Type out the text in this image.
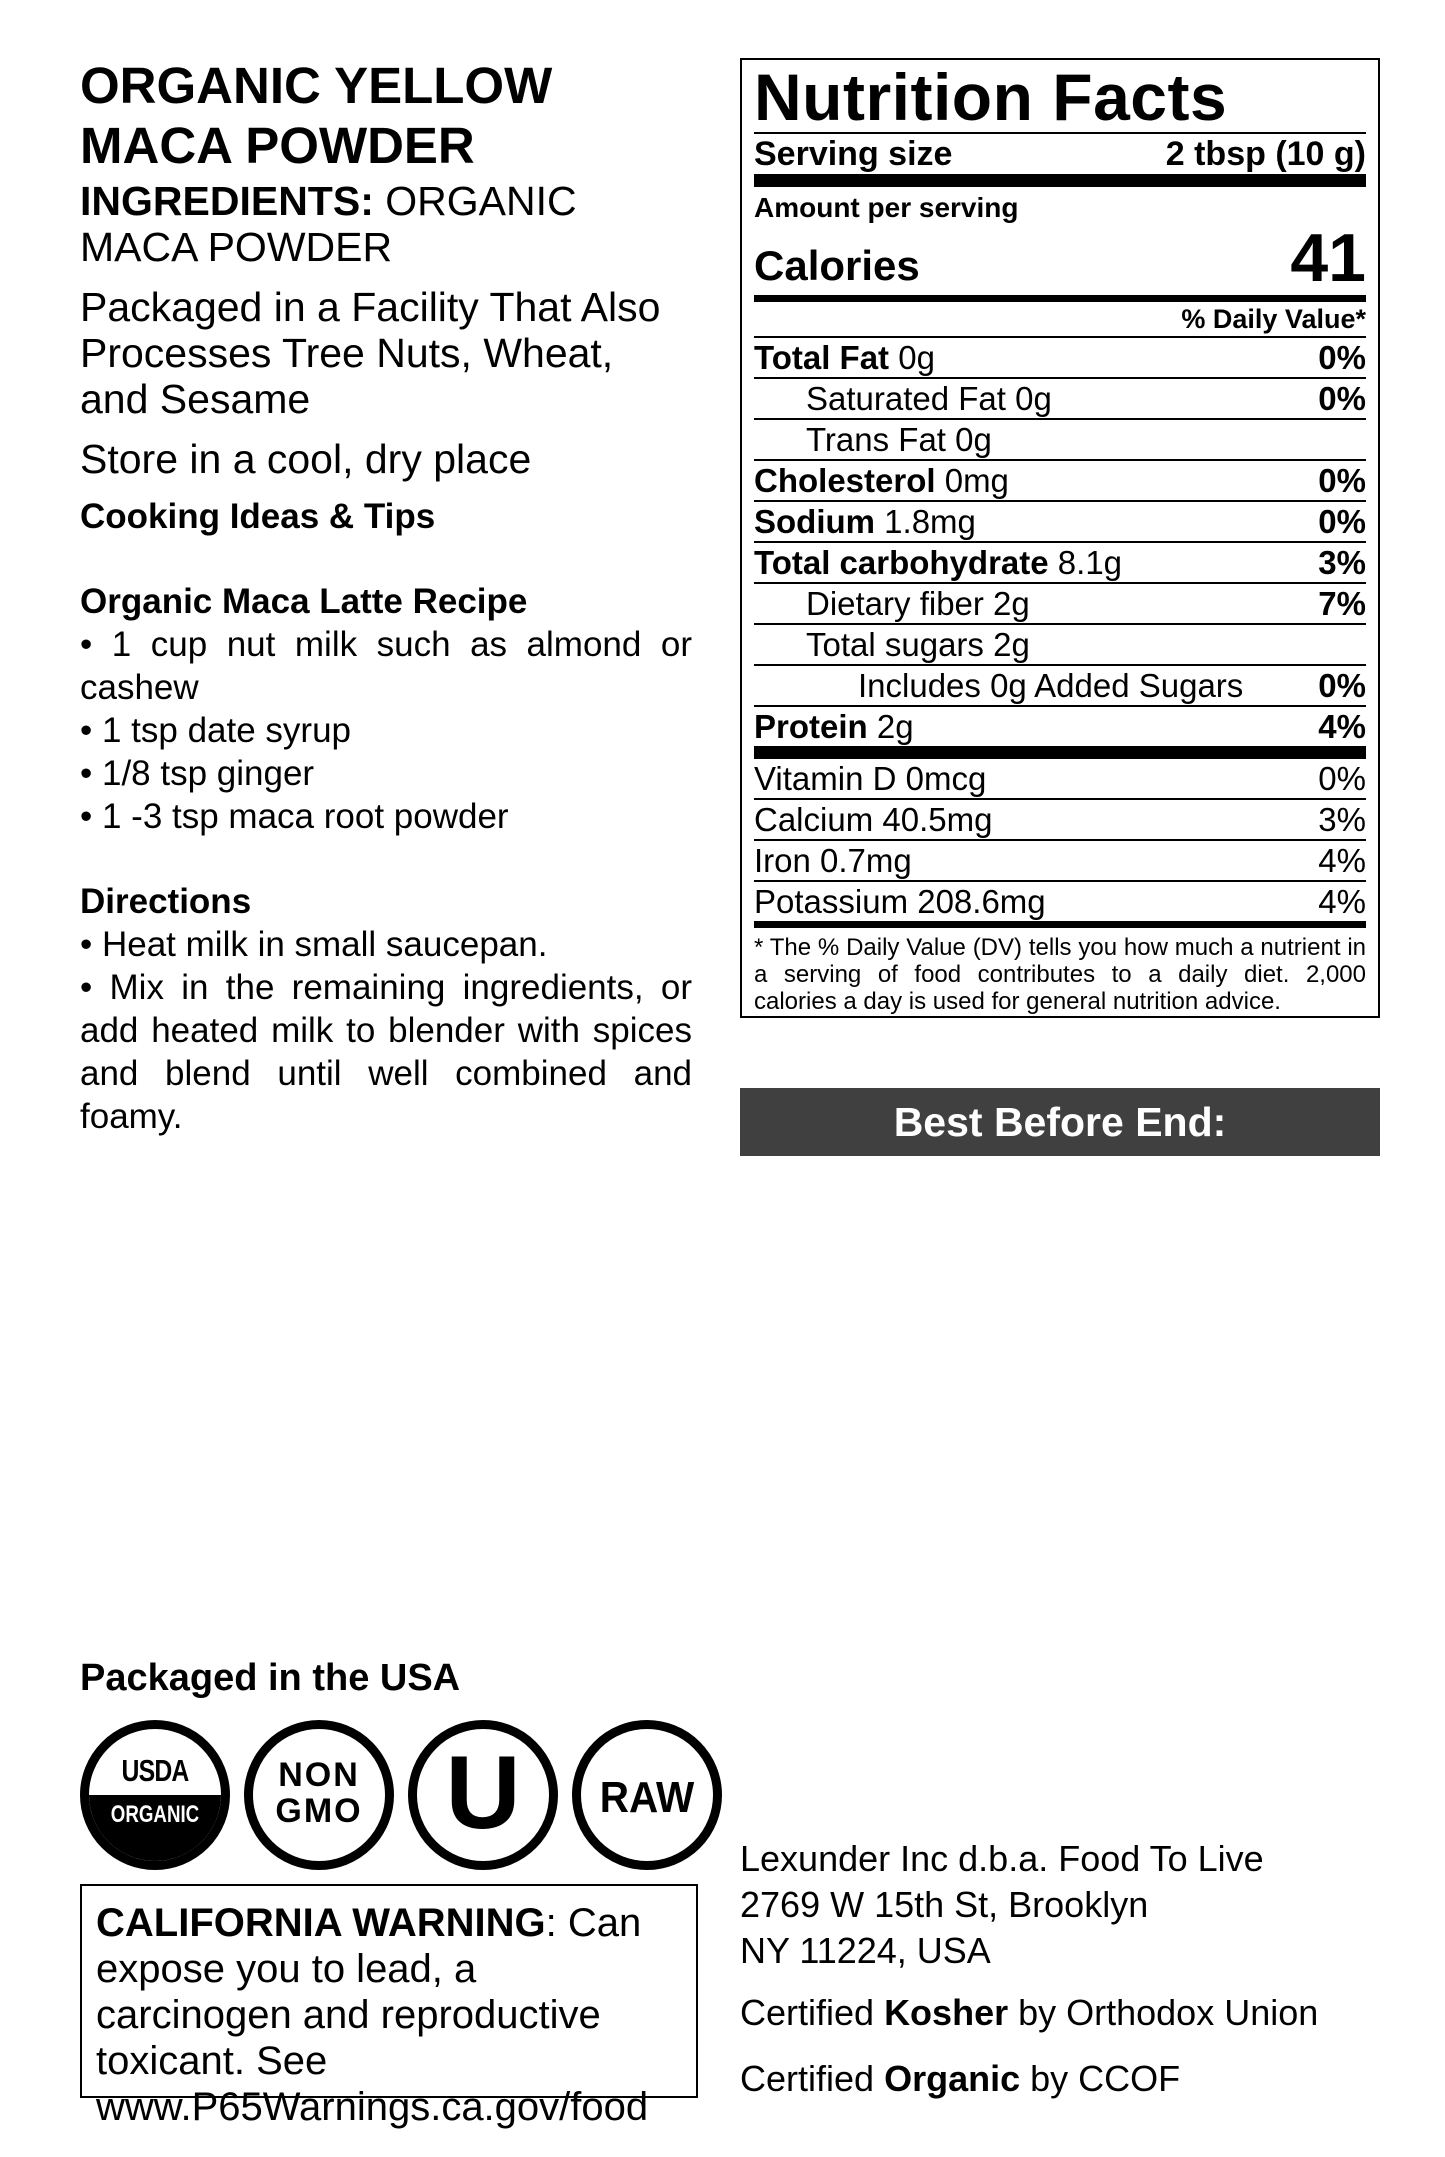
ORGANIC YELLOW
MACA POWDER
INGREDIENTS: ORGANIC MACA POWDER
Packaged in a Facility That Also Processes Tree Nuts, Wheat, and Sesame
Store in a cool, dry place
Cooking Ideas & Tips
Organic Maca Latte Recipe
• 1 cup nut milk such as almond or cashew
• 1 tsp date syrup
• 1/8 tsp ginger
• 1 -3 tsp maca root powder
Directions
• Heat milk in small saucepan.
• Mix in the remaining ingredients, or add heated milk to blender with spices and blend until well combined and foamy.
Nutrition Facts
Serving size	2 tbsp (10 g)
Amount per serving
Calories	41
% Daily Value*
Total Fat 0g	0%
Saturated Fat 0g	0%
Trans Fat 0g
Cholesterol 0mg	0%
Sodium 1.8mg	0%
Total carbohydrate 8.1g	3%
Dietary fiber 2g	7%
Total sugars 2g
Includes 0g Added Sugars 0%
Protein 2g	4%
Vitamin D 0mcg	0%
Calcium 40.5mg	3%
Iron 0.7mg	4%
Potassium 208.6mg	4%
* The % Daily Value (DV) tells you how much a nutrient in a serving of food contributes to a daily diet. 2,000 calories a day is used for general nutrition advice.
Best Before End:
Packaged in the USA
USDA
ORGANIC
NON
GMO U	RAW
CALIFORNIA WARNING: Can expose you to lead, a carcinogen and reproductive toxicant. See www.P65Warnings.ca.gov/food
Lexunder Inc d.b.a. Food To Live
2769 W 15th St, Brooklyn
NY 11224, USA
Certified Kosher by Orthodox Union
Certified Organic by CCOF
